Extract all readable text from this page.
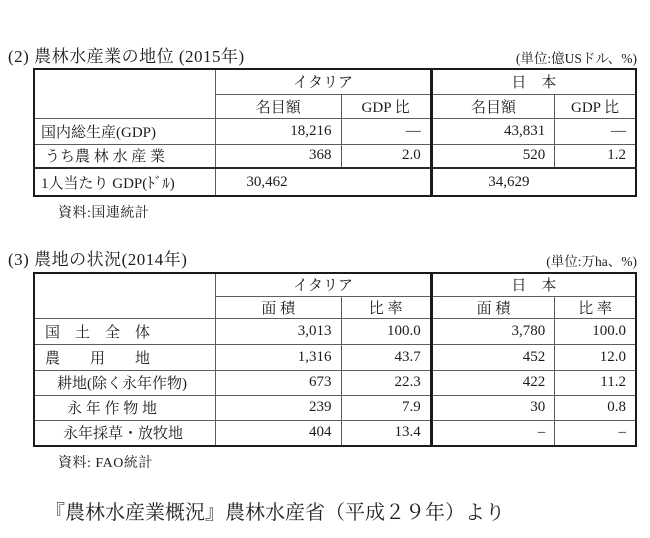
(2) 農林水産業の地位 (2015年)	(単位:億USドル、%)
	イタリア		日　本	
	名目額	GDP 比	名目額	GDP 比
国内総生産(GDP)	18,216	—	43,831	—
うち農 林 水 産 業	368	2.0	520	1.2
1人当たり GDP(ﾄﾞﾙ)	30,462		34,629	
資料:国連統計
(3) 農地の状況(2014年)	(単位:万ha、%)
	イタリア		日　本	
	面 積	比 率	面 積	比 率
国　土　全　体	3,013	100.0	3,780	100.0
農　　用　　地	1,316	43.7	452	12.0
耕地(除く永年作物)	673	22.3	422	11.2
永 年 作 物 地	239	7.9	30	0.8
永年採草・放牧地	404	13.4	–	–
資料: FAO統計
『農林水産業概況』農林水産省（平成２９年）より
